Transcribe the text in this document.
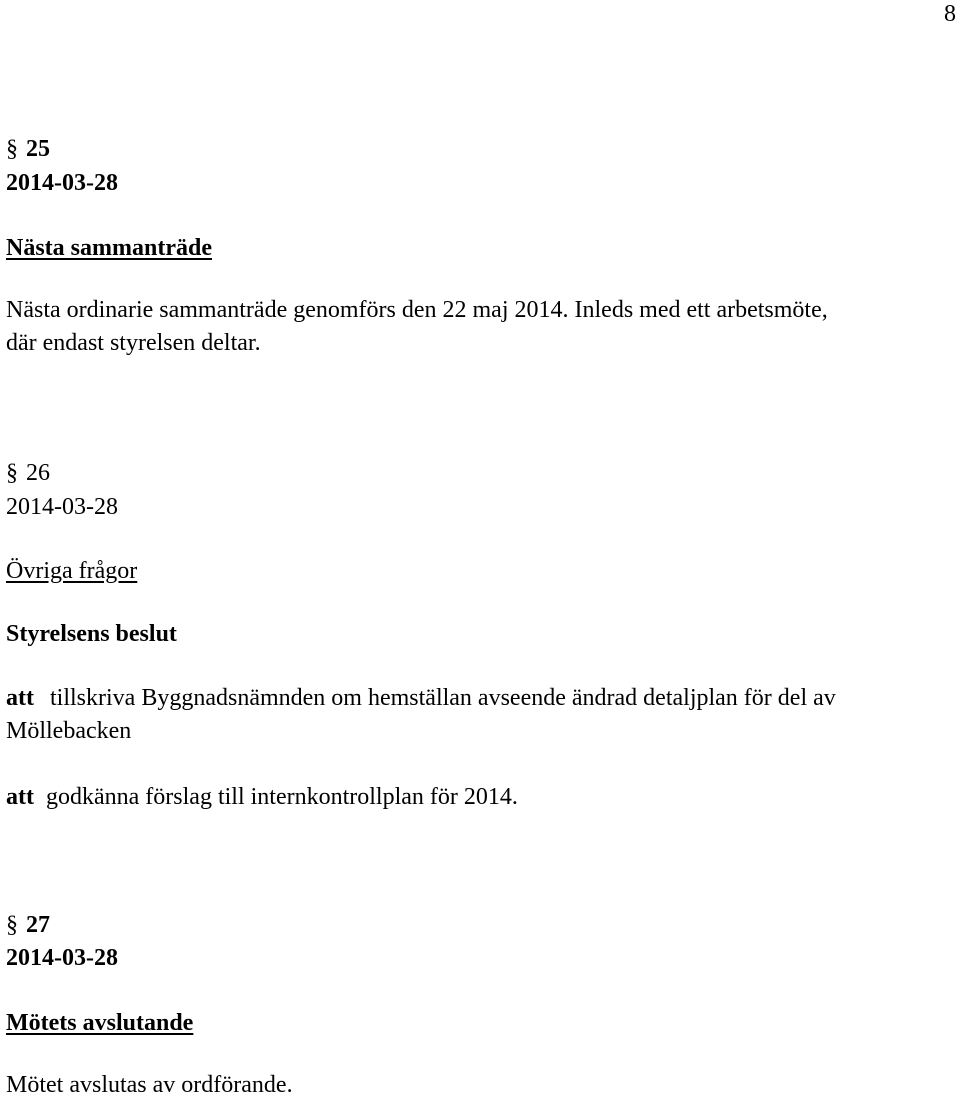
8
§ 25
2014-03-28
Nästa sammanträde
Nästa ordinarie sammanträde genomförs den 22 maj 2014. Inleds med ett arbetsmöte,
där endast styrelsen deltar.
§ 26
2014-03-28
Övriga frågor
Styrelsens beslut
att tillskriva Byggnadsnämnden om hemställan avseende ändrad detaljplan för del av
Möllebacken
att godkänna förslag till internkontrollplan för 2014.
§ 27
2014-03-28
Mötets avslutande
Mötet avslutas av ordförande.
